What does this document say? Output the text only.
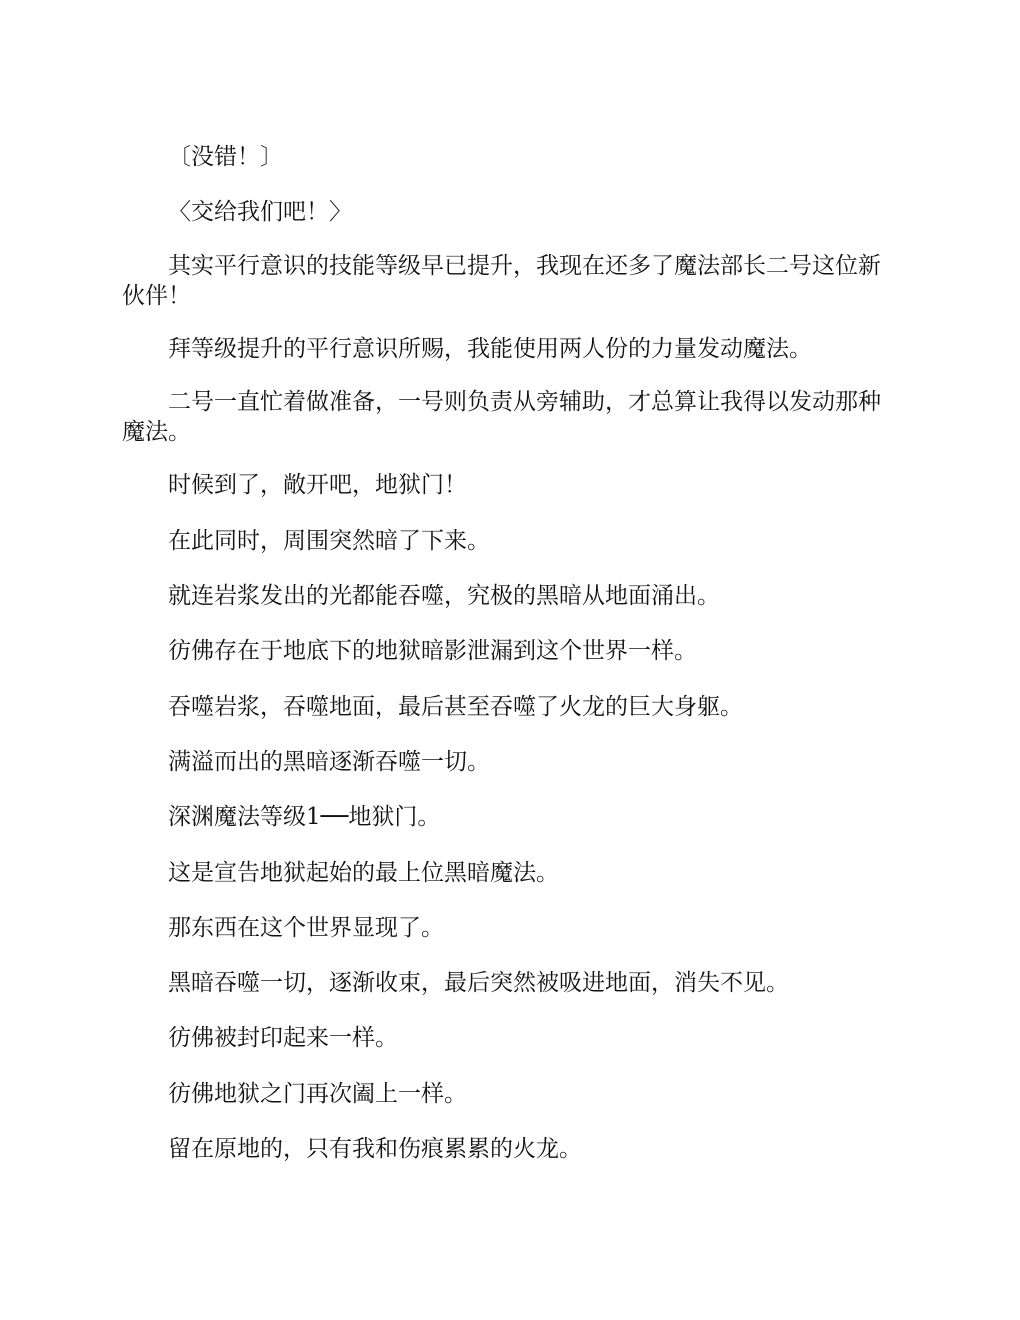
〔没错！〕

〈交给我们吧！〉

其实平行意识的技能等级早已提升，我现在还多了魔法部长二号这位新伙伴！

拜等级提升的平行意识所赐，我能使用两人份的力量发动魔法。

二号一直忙着做准备，一号则负责从旁辅助，才总算让我得以发动那种魔法。

时候到了，敞开吧，地狱门！

在此同时，周围突然暗了下来。

就连岩浆发出的光都能吞噬，究极的黑暗从地面涌出。

彷佛存在于地底下的地狱暗影泄漏到这个世界一样。

吞噬岩浆，吞噬地面，最后甚至吞噬了火龙的巨大身躯。

满溢而出的黑暗逐渐吞噬一切。

深渊魔法等级1──地狱门。

这是宣告地狱起始的最上位黑暗魔法。

那东西在这个世界显现了。

黑暗吞噬一切，逐渐收束，最后突然被吸进地面，消失不见。

彷佛被封印起来一样。

彷佛地狱之门再次阖上一样。

留在原地的，只有我和伤痕累累的火龙。
